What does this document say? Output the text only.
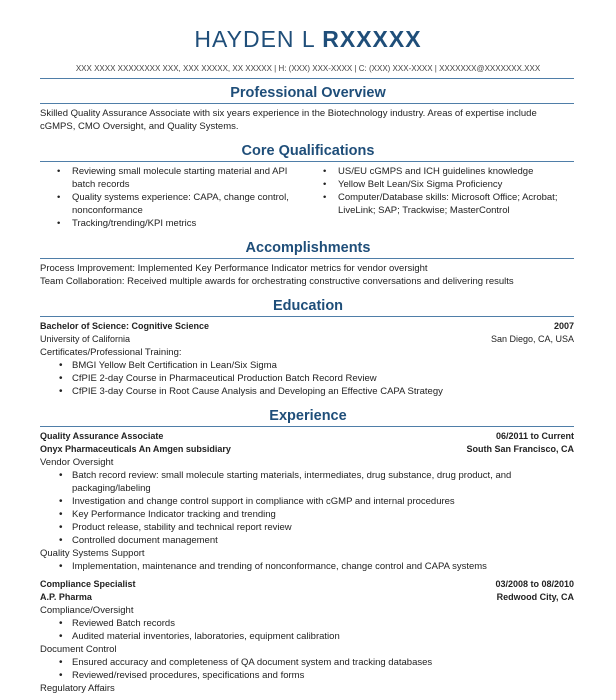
HAYDEN L RXXXXX
XXX XXXX XXXXXXXX XXX, XXX XXXXX, XX XXXXX | H: (XXX) XXX-XXXX | C: (XXX) XXX-XXXX | XXXXXXX@XXXXXXX.XXX
Professional Overview
Skilled Quality Assurance Associate with six years experience in the Biotechnology industry. Areas of expertise include cGMPS, CMO Oversight, and Quality Systems.
Core Qualifications
• Reviewing small molecule starting material and API batch records
• Quality systems experience: CAPA, change control, nonconformance
• Tracking/trending/KPI metrics
• US/EU cGMPS and ICH guidelines knowledge
• Yellow Belt Lean/Six Sigma Proficiency
• Computer/Database skills: Microsoft Office; Acrobat; LiveLink; SAP; Trackwise; MasterControl
Accomplishments
Process Improvement: Implemented Key Performance Indicator metrics for vendor oversight
Team Collaboration: Received multiple awards for orchestrating constructive conversations and delivering results
Education
Bachelor of Science: Cognitive Science	2007
University of California	San Diego, CA, USA
Certificates/Professional Training:
• BMGI Yellow Belt Certification in Lean/Six Sigma
• CfPIE 2-day Course in Pharmaceutical Production Batch Record Review
• CfPIE 3-day Course in Root Cause Analysis and Developing an Effective CAPA Strategy
Experience
Quality Assurance Associate	06/2011 to Current
Onyx Pharmaceuticals An Amgen subsidiary	South San Francisco, CA
Vendor Oversight
• Batch record review: small molecule starting materials, intermediates, drug substance, drug product, and packaging/labeling
• Investigation and change control support in compliance with cGMP and internal procedures
• Key Performance Indicator tracking and trending
• Product release, stability and technical report review
• Controlled document management
Quality Systems Support
• Implementation, maintenance and trending of nonconformance, change control and CAPA systems
Compliance Specialist	03/2008 to 08/2010
A.P. Pharma	Redwood City, CA
Compliance/Oversight
• Reviewed Batch records
• Audited material inventories, laboratories, equipment calibration
Document Control
• Ensured accuracy and completeness of QA document system and tracking databases
• Reviewed/revised procedures, specifications and forms
Regulatory Affairs
